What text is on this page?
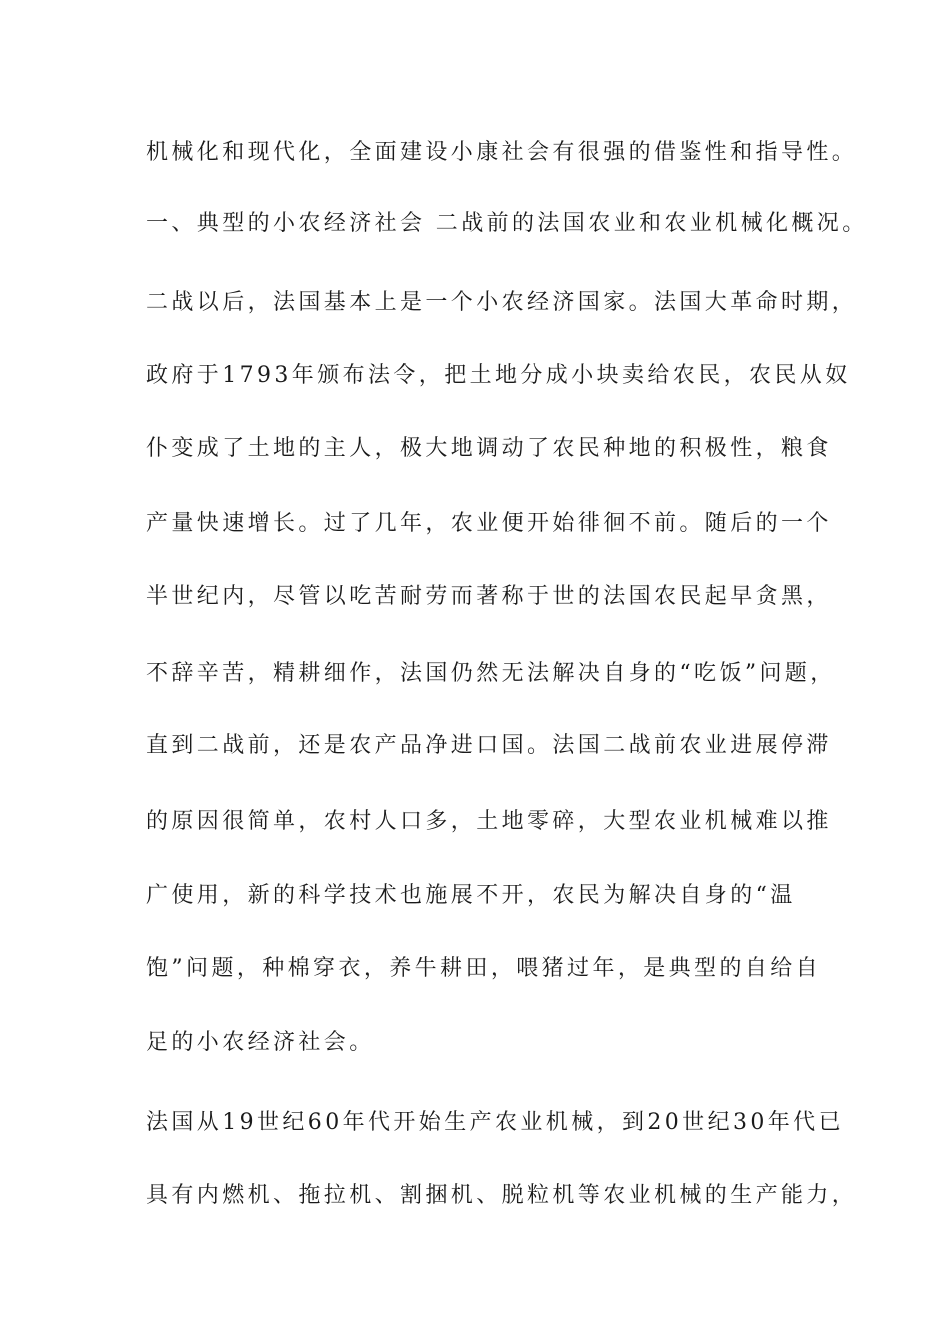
机械化和现代化，全面建设小康社会有很强的借鉴性和指导性。
一、典型的小农经济社会 二战前的法国农业和农业机械化概况。
二战以后，法国基本上是一个小农经济国家。法国大革命时期，
政府于1793年颁布法令，把土地分成小块卖给农民，农民从奴
仆变成了土地的主人，极大地调动了农民种地的积极性，粮食
产量快速增长。过了几年，农业便开始徘徊不前。随后的一个
半世纪内，尽管以吃苦耐劳而著称于世的法国农民起早贪黑，
不辞辛苦，精耕细作，法国仍然无法解决自身的“吃饭”问题，
直到二战前，还是农产品净进口国。法国二战前农业进展停滞
的原因很简单，农村人口多，土地零碎，大型农业机械难以推
广使用，新的科学技术也施展不开，农民为解决自身的“温
饱”问题，种棉穿衣，养牛耕田，喂猪过年，是典型的自给自
足的小农经济社会。
法国从19世纪60年代开始生产农业机械，到20世纪30年代已
具有内燃机、拖拉机、割捆机、脱粒机等农业机械的生产能力，
